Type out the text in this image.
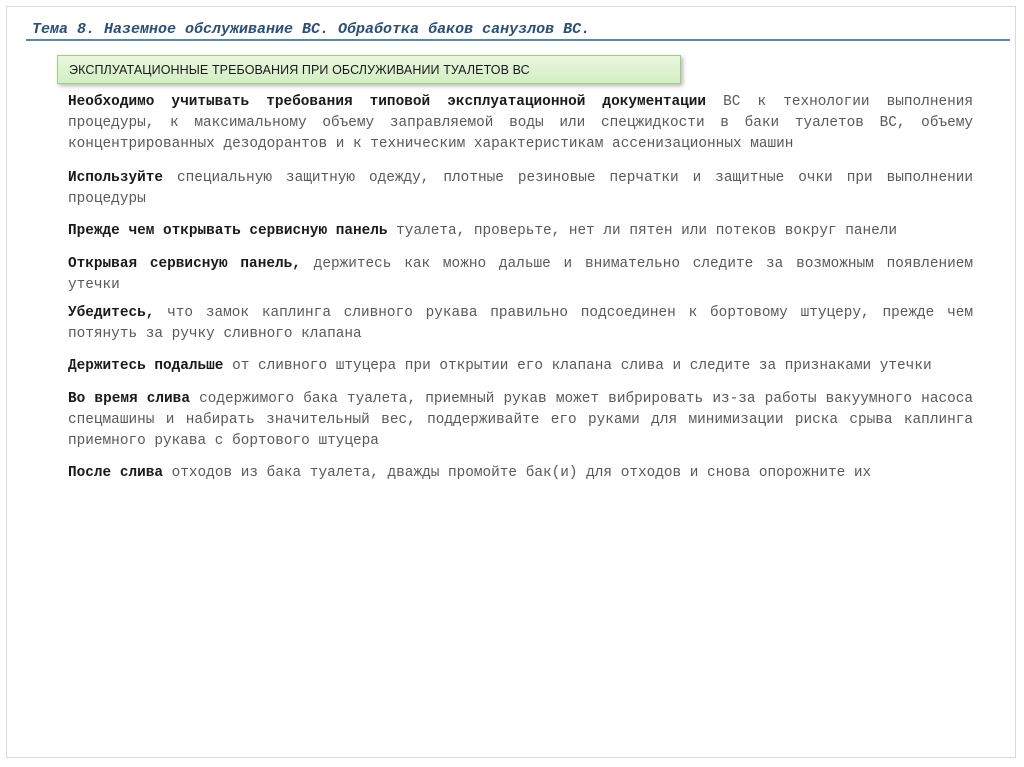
Тема 8. Наземное обслуживание ВС. Обработка баков санузлов ВС.
ЭКСПЛУАТАЦИОННЫЕ ТРЕБОВАНИЯ ПРИ ОБСЛУЖИВАНИИ ТУАЛЕТОВ ВС

Необходимо учитывать требования типовой эксплуатационной документации ВС к технологии выполнения процедуры, к максимальному объему заправляемой воды или спецжидкости в баки туалетов ВС, объему концентрированных дезодорантов и к техническим характеристикам ассенизационных машин

Используйте специальную защитную одежду, плотные резиновые перчатки и защитные очки при выполнении процедуры

Прежде чем открывать сервисную панель туалета, проверьте, нет ли пятен или потеков вокруг панели

Открывая сервисную панель, держитесь как можно дальше и внимательно следите за возможным появлением утечки

Убедитесь, что замок каплинга сливного рукава правильно подсоединен к бортовому штуцеру, прежде чем потянуть за ручку сливного клапана

Держитесь подальше от сливного штуцера при открытии его клапана слива и следите за признаками утечки

Во время слива содержимого бака туалета, приемный рукав может вибрировать из-за работы вакуумного насоса спецмашины и набирать значительный вес, поддерживайте его руками для минимизации риска срыва каплинга приемного рукава с бортового штуцера

После слива отходов из бака туалета, дважды промойте бак(и) для отходов и снова опорожните их
